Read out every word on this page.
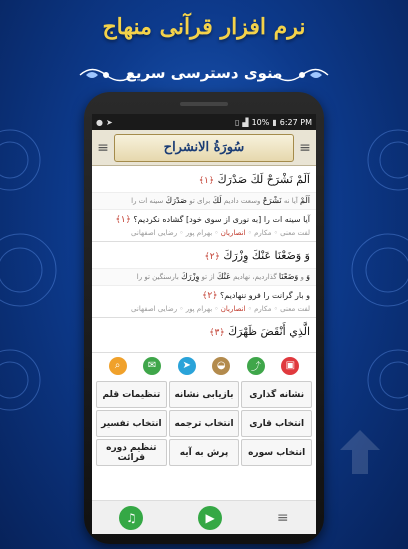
نرم افزار قرآنی منهاج
منوی دسترسی سریع
● ➤	▯ ▟ 10% ▮ 6:27 PM
≡	سُورَةُ الانشراح	≡
اَلَمْ نَشْرَحْ لَكَ صَدْرَكَ ﴿۱﴾
اَلَمْ آیا نه نَشْرَحْ وسعت دادیم لَكَ برای تو صَدْرَكَ سینه ات را
آیا سینه ات را [به نوری از سوی خود] گشاده نکردیم؟ ﴿۱﴾
لفت معنی ◦ مکارم ◦ انصاریان ◦ بهرام پور ◦ رضایی اصفهانی
وَ وَضَعْنَا عَنْكَ وِزْرَكَ ﴿۲﴾
وَ و وَضَعْنَا گذاردیم، نهادیم عَنْكَ از تو وِزْرَكَ بارسنگین تو را
و بار گرانت را فرو ننهادیم؟ ﴿۲﴾
لفت معنی ◦ مکارم ◦ انصاریان ◦ بهرام پور ◦ رضایی اصفهانی
الَّذِي أَنْقَضَ ظَهْرَكَ ﴿۳﴾
⌕	✉	➤	◒	⤴	▣
نشانه گذاری
بازیابی نشانه
تنظیمات قلم
انتخاب قاری
انتخاب ترجمه
انتخاب تفسیر
انتخاب سوره
پرش به آیه
تنظیم دوره قرائت
♫	▶	≡
